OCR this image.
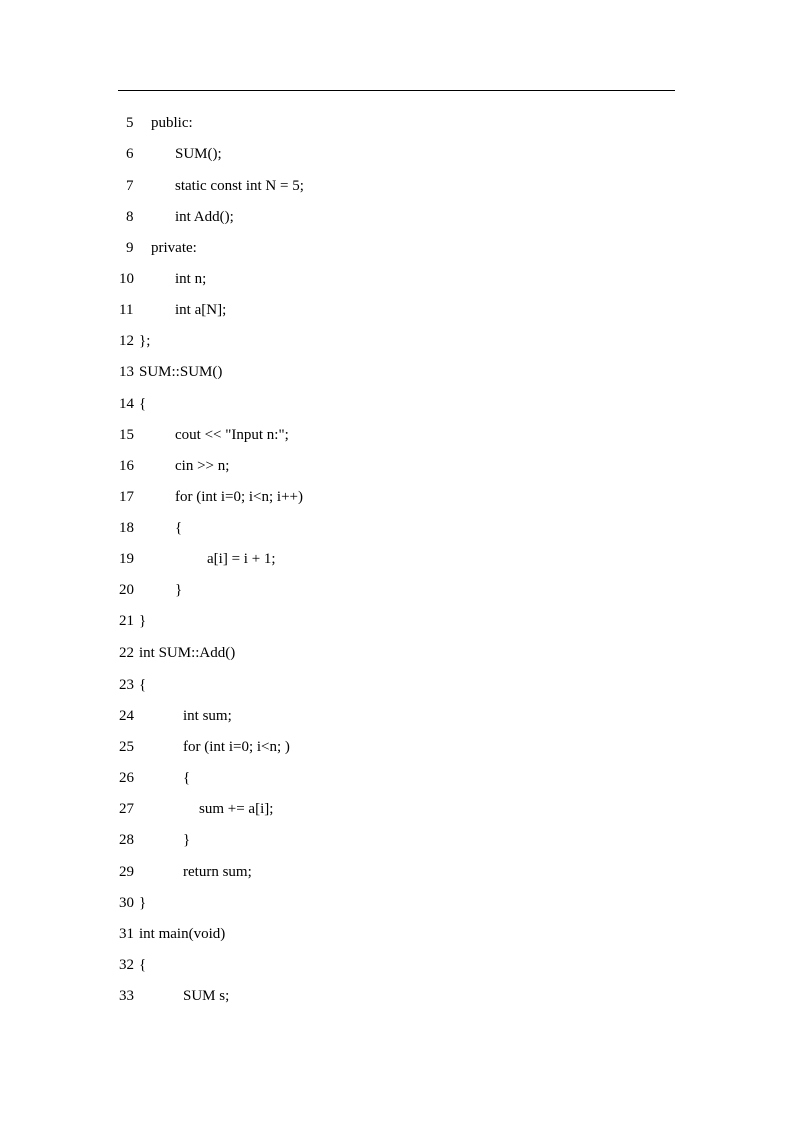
5

public:

6

	SUM();

7

	static const int N = 5;

8

	int Add();

9

private:

10

	int n;

11

	int a[N];

12

};

13

SUM::SUM()

14

{

15

	cout << "Input n:";

16

	cin >> n;

17

	for (int i=0; i<n; i++)

18

	{

19

	a[i] = i + 1;

20

	}

21

}

22

int SUM::Add()

23

{

24

	int sum;

25

	for (int i=0; i<n; )

26

	{

27

	sum += a[i];

28

	}

29

	return sum;

30

}

31

int main(void)

32

{

33

	SUM s;
